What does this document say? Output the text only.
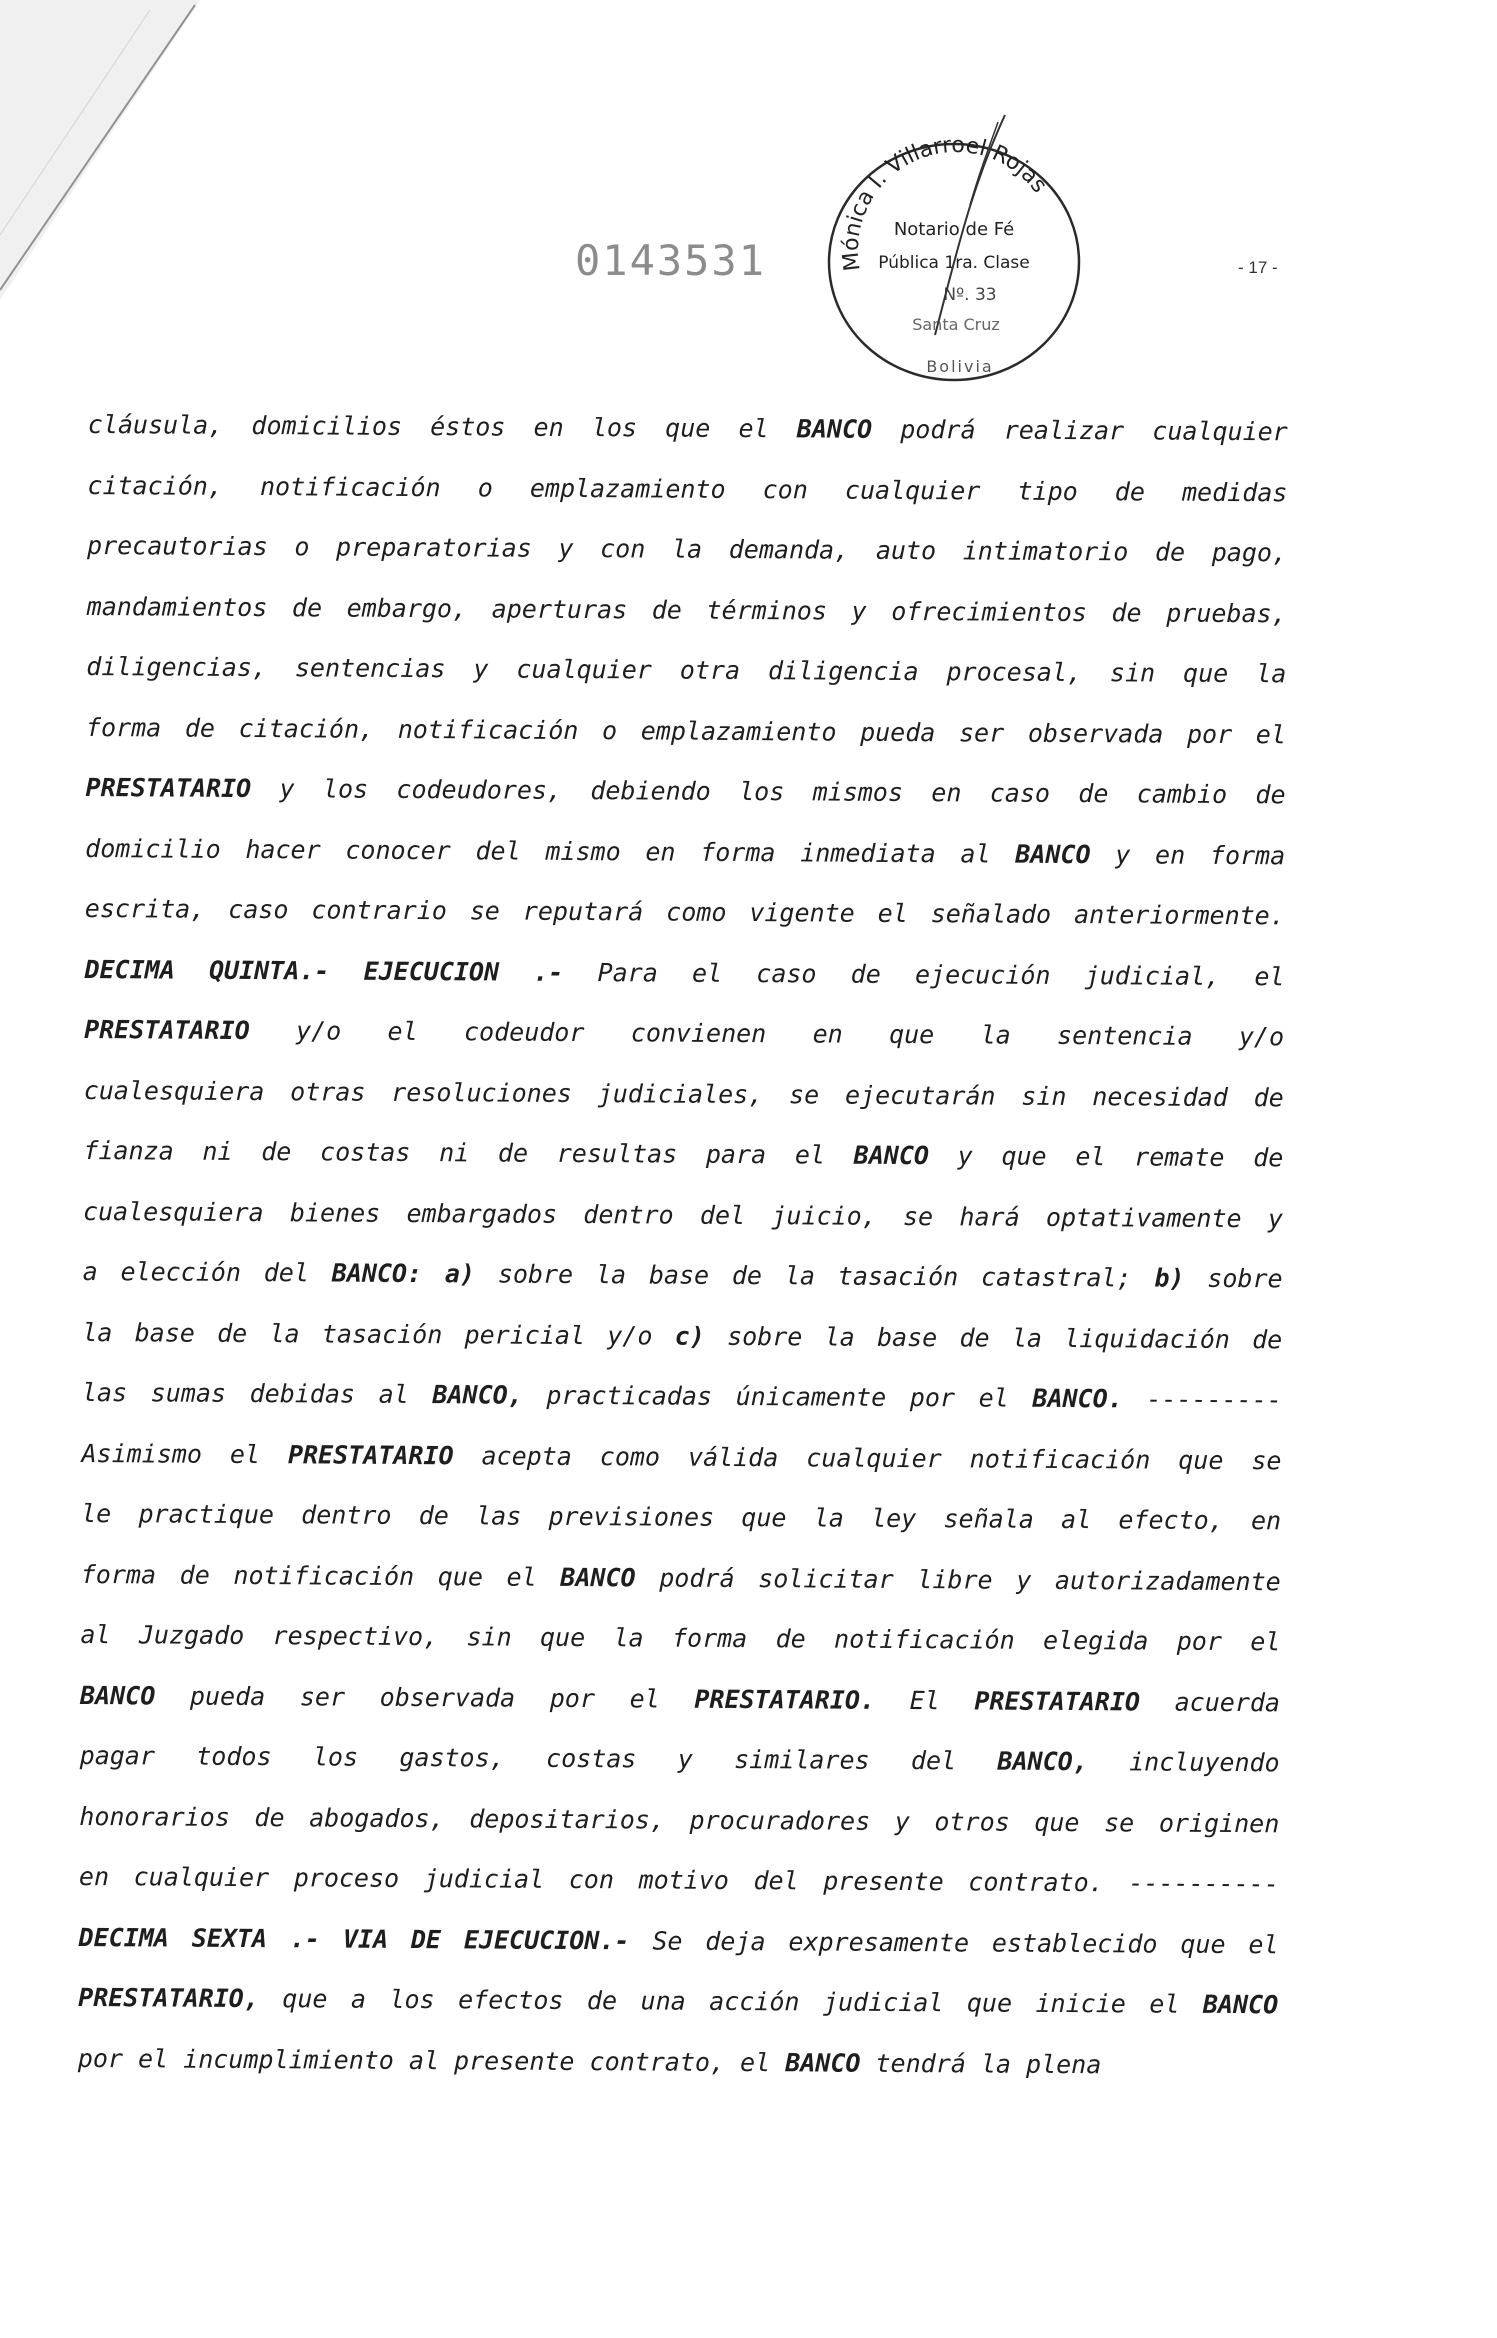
0143531	- 17 -
Mónica I. Villarroel Rojas
Notario de Fé
Pública 1ra. Clase
Nº. 33
Santa Cruz
Bolivia
cláusula, domicilios éstos en los que el BANCO podrá realizar cualquier
citación, notificación o emplazamiento con cualquier tipo de medidas
precautorias o preparatorias y con la demanda, auto intimatorio de pago,
mandamientos de embargo, aperturas de términos y ofrecimientos de pruebas,
diligencias, sentencias y cualquier otra diligencia procesal, sin que la
forma de citación, notificación o emplazamiento pueda ser observada por el
PRESTATARIO y los codeudores, debiendo los mismos en caso de cambio de
domicilio hacer conocer del mismo en forma inmediata al BANCO y en forma
escrita, caso contrario se reputará como vigente el señalado anteriormente.
DECIMA QUINTA.- EJECUCION .- Para el caso de ejecución judicial, el
PRESTATARIO y/o el codeudor convienen en que la sentencia y/o
cualesquiera otras resoluciones judiciales, se ejecutarán sin necesidad de
fianza ni de costas ni de resultas para el BANCO y que el remate de
cualesquiera bienes embargados dentro del juicio, se hará optativamente y
a elección del BANCO: a) sobre la base de la tasación catastral; b) sobre
la base de la tasación pericial y/o c) sobre la base de la liquidación de
las sumas debidas al BANCO, practicadas únicamente por el BANCO. ---------
Asimismo el PRESTATARIO acepta como válida cualquier notificación que se
le practique dentro de las previsiones que la ley señala al efecto, en
forma de notificación que el BANCO podrá solicitar libre y autorizadamente
al Juzgado respectivo, sin que la forma de notificación elegida por el
BANCO pueda ser observada por el PRESTATARIO. El PRESTATARIO acuerda
pagar todos los gastos, costas y similares del BANCO, incluyendo
honorarios de abogados, depositarios, procuradores y otros que se originen
en cualquier proceso judicial con motivo del presente contrato. ----------
DECIMA SEXTA .- VIA DE EJECUCION.- Se deja expresamente establecido que el
PRESTATARIO, que a los efectos de una acción judicial que inicie el BANCO
por el incumplimiento al presente contrato, el BANCO tendrá la plena
